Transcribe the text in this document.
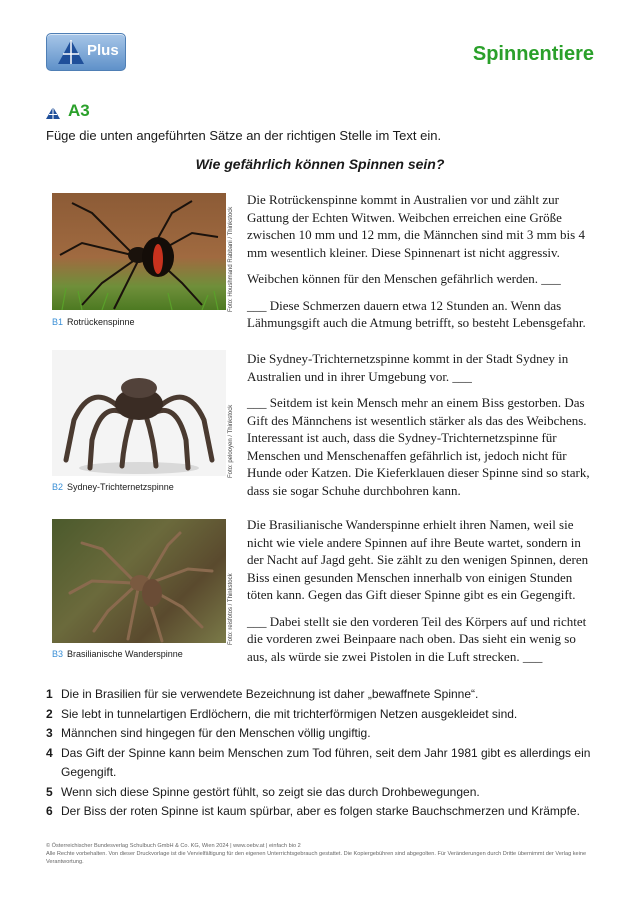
Plus	Spinnentiere
A3
Füge die unten angeführten Sätze an der richtigen Stelle im Text ein.
Wie gefährlich können Spinnen sein?
Foto: Houshmand Rabbani / Thinkstock
B1 Rotrückenspinne
Foto: pelooyen / Thinkstock
B2 Sydney-Trichternetzspinne
Foto: reisfotos / Thinkstock
B3 Brasilianische Wanderspinne

Die Rotrückenspinne kommt in Australien vor und zählt zur Gattung der Echten Witwen. Weibchen erreichen eine Größe zwischen 10 mm und 12 mm, die Männchen sind mit 3 mm bis 4 mm wesentlich kleiner. Diese Spinnenart ist nicht aggressiv.

Weibchen können für den Menschen gefährlich werden. ___

___ Diese Schmerzen dauern etwa 12 Stunden an. Wenn das Lähmungsgift auch die Atmung betrifft, so besteht Lebensgefahr.

Die Sydney-Trichternetzspinne kommt in der Stadt Sydney in Australien und in ihrer Umgebung vor. ___

___ Seitdem ist kein Mensch mehr an einem Biss gestorben. Das Gift des Männchens ist wesentlich stärker als das des Weibchens. Interessant ist auch, dass die Sydney-Trichternetzspinne für Menschen und Menschenaffen gefährlich ist, jedoch nicht für Hunde oder Katzen. Die Kieferklauen dieser Spinne sind so stark, dass sie sogar Schuhe durchbohren kann.

Die Brasilianische Wanderspinne erhielt ihren Namen, weil sie nicht wie viele andere Spinnen auf ihre Beute wartet, sondern in der Nacht auf Jagd geht. Sie zählt zu den wenigen Spinnen, deren Biss einen gesunden Menschen innerhalb von einigen Stunden töten kann. Gegen das Gift dieser Spinne gibt es ein Gegengift.

___ Dabei stellt sie den vorderen Teil des Körpers auf und richtet die vorderen zwei Beinpaare nach oben. Das sieht ein wenig so aus, als würde sie zwei Pistolen in die Luft strecken. ___

1 Die in Brasilien für sie verwendete Bezeichnung ist daher „bewaffnete Spinne“.
2 Sie lebt in tunnelartigen Erdlöchern, die mit trichterförmigen Netzen ausgekleidet sind.
3 Männchen sind hingegen für den Menschen völlig ungiftig.
4 Das Gift der Spinne kann beim Menschen zum Tod führen, seit dem Jahr 1981 gibt es allerdings ein Gegengift.
5 Wenn sich diese Spinne gestört fühlt, so zeigt sie das durch Drohbewegungen.
6 Der Biss der roten Spinne ist kaum spürbar, aber es folgen starke Bauchschmerzen und Krämpfe.
© Österreichischer Bundesverlag Schulbuch GmbH & Co. KG, Wien 2024 | www.oebv.at | einfach bio 2
Alle Rechte vorbehalten. Von dieser Druckvorlage ist die Vervielfältigung für den eigenen Unterrichtsgebrauch gestattet. Die Kopiergebühren sind abgegolten. Für Veränderungen durch Dritte übernimmt der Verlag keine Verantwortung.
